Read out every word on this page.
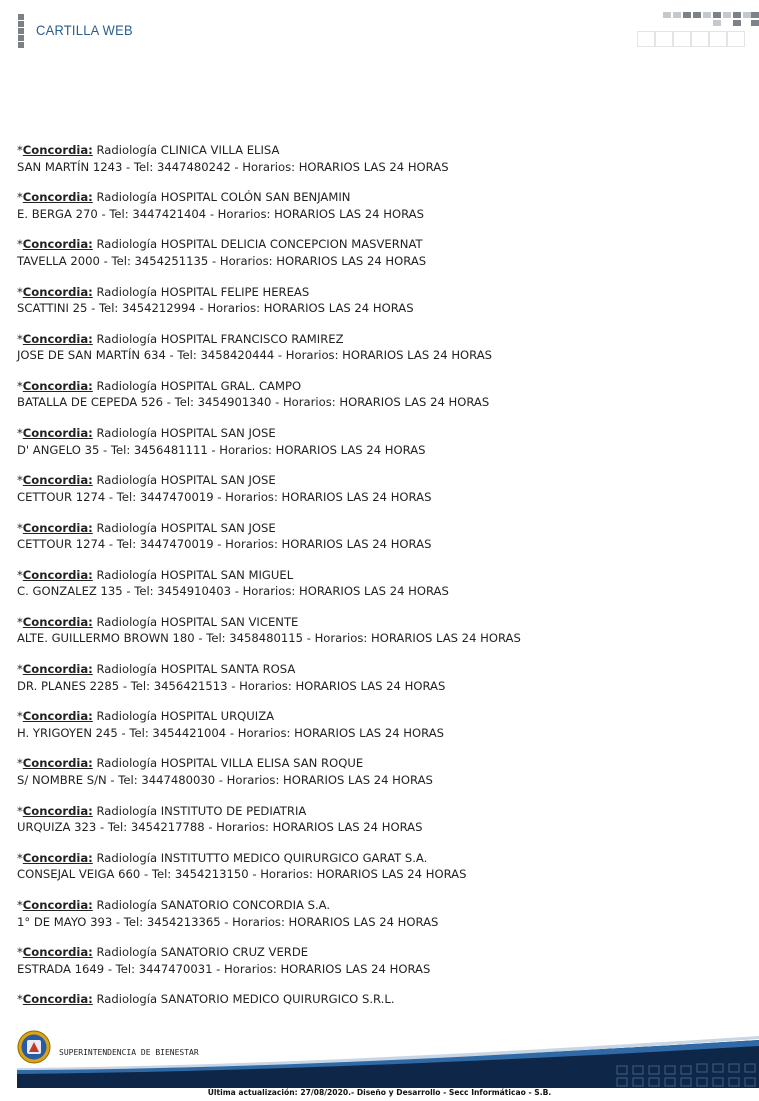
CARTILLA WEB
*Concordia: Radiología CLINICA VILLA ELISA
SAN MARTÍN 1243 - Tel: 3447480242 - Horarios: HORARIOS LAS 24 HORAS
*Concordia: Radiología HOSPITAL COLÓN SAN BENJAMIN
E. BERGA 270 - Tel: 3447421404 - Horarios: HORARIOS LAS 24 HORAS
*Concordia: Radiología HOSPITAL DELICIA CONCEPCION MASVERNAT
TAVELLA 2000 - Tel: 3454251135 - Horarios: HORARIOS LAS 24 HORAS
*Concordia: Radiología HOSPITAL FELIPE HEREAS
SCATTINI 25 - Tel: 3454212994 - Horarios: HORARIOS LAS 24 HORAS
*Concordia: Radiología HOSPITAL FRANCISCO RAMIREZ
JOSE DE SAN MARTÍN 634 - Tel: 3458420444 - Horarios: HORARIOS LAS 24 HORAS
*Concordia: Radiología HOSPITAL GRAL. CAMPO
BATALLA DE CEPEDA 526 - Tel: 3454901340 - Horarios: HORARIOS LAS 24 HORAS
*Concordia: Radiología HOSPITAL SAN JOSE
D' ANGELO 35 - Tel: 3456481111 - Horarios: HORARIOS LAS 24 HORAS
*Concordia: Radiología HOSPITAL SAN JOSE
CETTOUR 1274 - Tel: 3447470019 - Horarios: HORARIOS LAS 24 HORAS
*Concordia: Radiología HOSPITAL SAN JOSE
CETTOUR 1274 - Tel: 3447470019 - Horarios: HORARIOS LAS 24 HORAS
*Concordia: Radiología HOSPITAL SAN MIGUEL
C. GONZALEZ 135 - Tel: 3454910403 - Horarios: HORARIOS LAS 24 HORAS
*Concordia: Radiología HOSPITAL SAN VICENTE
ALTE. GUILLERMO BROWN 180 - Tel: 3458480115 - Horarios: HORARIOS LAS 24 HORAS
*Concordia: Radiología HOSPITAL SANTA ROSA
DR. PLANES 2285 - Tel: 3456421513 - Horarios: HORARIOS LAS 24 HORAS
*Concordia: Radiología HOSPITAL URQUIZA
H. YRIGOYEN 245 - Tel: 3454421004 - Horarios: HORARIOS LAS 24 HORAS
*Concordia: Radiología HOSPITAL VILLA ELISA SAN ROQUE
S/ NOMBRE S/N - Tel: 3447480030 - Horarios: HORARIOS LAS 24 HORAS
*Concordia: Radiología INSTITUTO DE PEDIATRIA
URQUIZA 323 - Tel: 3454217788 - Horarios: HORARIOS LAS 24 HORAS
*Concordia: Radiología INSTITUTTO MEDICO QUIRURGICO GARAT S.A.
CONSEJAL VEIGA 660 - Tel: 3454213150 - Horarios: HORARIOS LAS 24 HORAS
*Concordia: Radiología SANATORIO CONCORDIA S.A.
1° DE MAYO 393 - Tel: 3454213365 - Horarios: HORARIOS LAS 24 HORAS
*Concordia: Radiología SANATORIO CRUZ VERDE
ESTRADA 1649 - Tel: 3447470031 - Horarios: HORARIOS LAS 24 HORAS
*Concordia: Radiología SANATORIO MEDICO QUIRURGICO S.R.L.
SUPERINTENDENCIA DE BIENESTAR
Última actualización: 27/08/2020.- Diseño y Desarrollo - Secc Informáticao - S.B.
